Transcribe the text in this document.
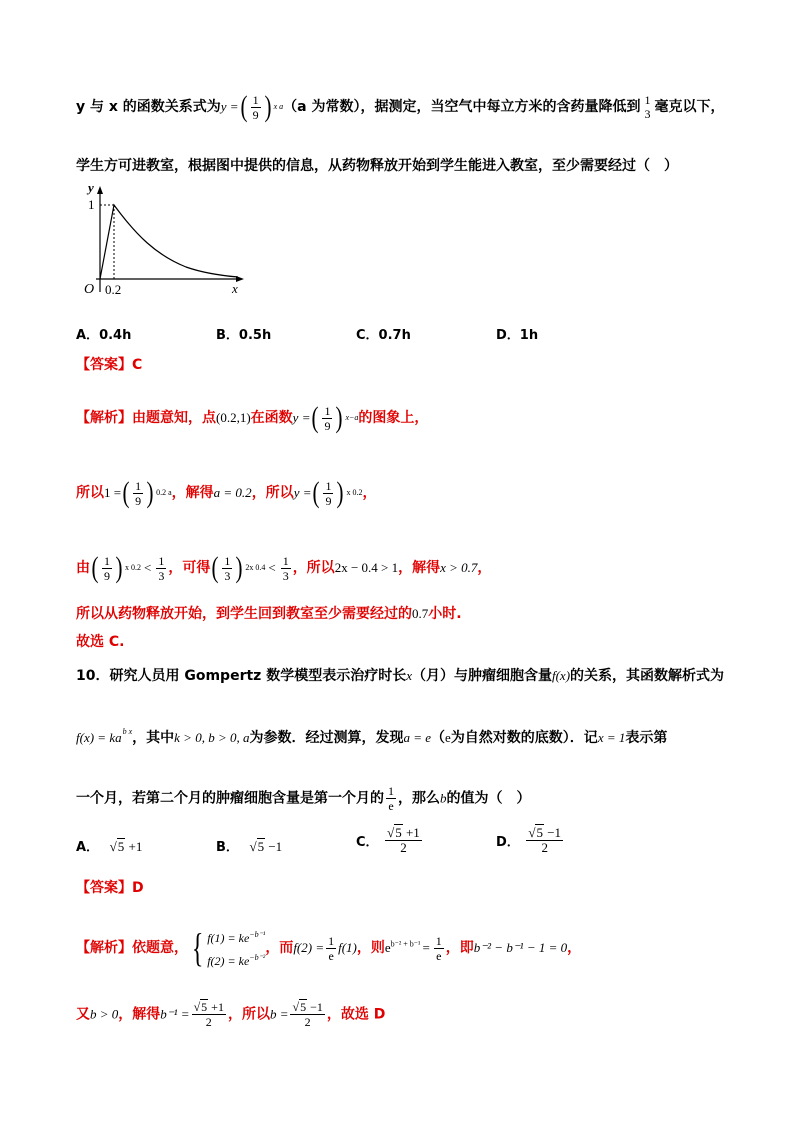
y 与 x 的函数关系式为 y = ( $\frac{1}{9}$ ) x a （a 为常数），据测定，当空气中每立方米的含药量降低到 1
3 毫克以下，
学生方可进教室，根据图中提供的信息，从药物释放开始到学生能进入教室，至少需要经过（　）
y
1
O 0.2	x
A．0.4h	B．0.5h	C．0.7h	D．1h
【答案】C
【解析】由题意知，点(0.2,1)在函数 y = ( $\frac{1}{9}$ ) x−a 的图象上，
所以 1 = ( $\frac{1}{9}$ ) 0.2 a ，解得a = 0.2，所以 y = ( $\frac{1}{9}$ ) x 0.2 ，
由 ( $\frac{1}{9}$ ) x $0.2 < \frac{1}{3}$ ，可得 ( $\frac{1}{3}$ ) 2x $0.4 < \frac{1}{3}$ ，所以2x − 0.4 > 1，解得x > 0.7，
所以从药物释放开始，到学生回到教室至少需要经过的0.7小时.
故选 C.
10．研究人员用 Gompertz 数学模型表示治疗时长x（月）与肿瘤细胞含量f(x)的关系，其函数解析式为
$f(x) = ka^{b x}$，其中k > 0, b > 0, a为参数．经过测算，发现a = e（e为自然对数的底数）．记x = 1表示第
一个月，若第二个月的肿瘤细胞含量是第一个月的 $\frac{1}{e}$ ，那么b的值为（　）
A． √5 +1	B． √5 −1	C． $\frac{√5 +1}{2}$	D． $\frac{√5 -1}{2}$
【答案】D
【解析】依题意， { $f(1) = ke^{-b^{-1}}$
$f(2) = ke^{-b^{-2}}$
，而$f(2) = \frac{1}{e} f(1)$，则$e^{b^{-2} + b^{-1}} = \frac{1}{e}$ ，即b⁻² − b⁻¹ − 1 = 0，
又b > 0，解得$b^{-1} = \frac{√5 +1}{2}$ ，所以$b = \frac{√5 -1}{2}$ ，故选 D
